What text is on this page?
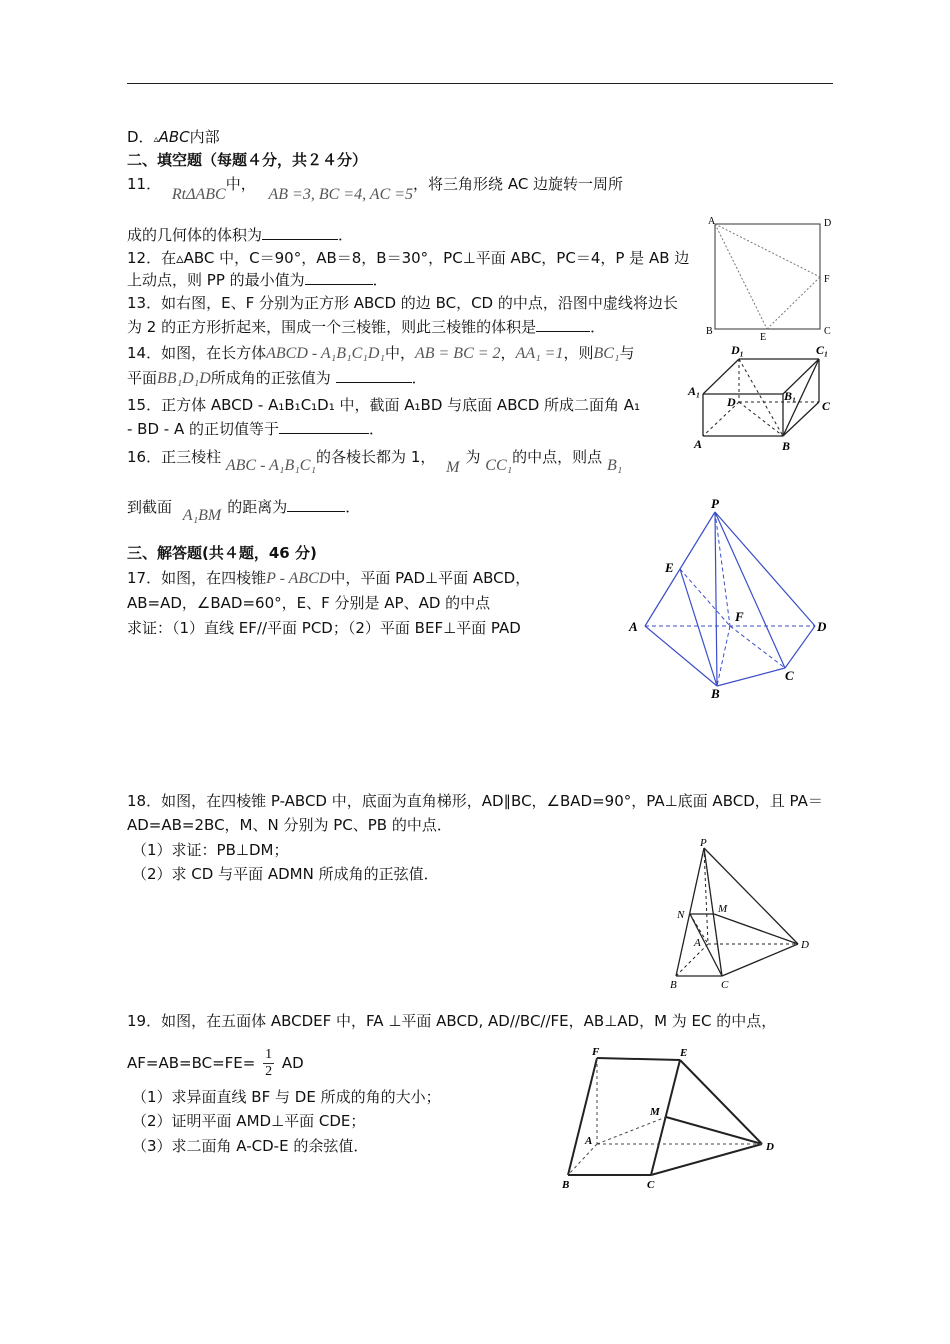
D．▵ABC内部
二、填空题（每题４分，共２４分）
11． RtΔABC中， AB =3, BC =4, AC =5，将三角形绕 AC 边旋转一周所
成的几何体的体积为	．
12．在▵ABC 中，C＝90°，AB＝8，B＝30°，PC⊥平面 ABC，PC＝4，P 是 AB 边
上动点，则 PP 的最小值为	．
13．如右图，E、F 分别为正方形 ABCD 的边 BC，CD 的中点，沿图中虚线将边长
为 2 的正方形折起来，围成一个三棱锥，则此三棱锥的体积是	．
14．如图，在长方体ABCD - A₁B₁C₁D₁中，AB = BC = 2，AA₁ =1，则BC₁与
平面BB₁D₁D所成角的正弦值为	．
15．正方体 ABCD - A₁B₁C₁D₁ 中，截面 A₁BD 与底面 ABCD 所成二面角 A₁
- BD - A 的正切值等于	．
16．正三棱柱 ABC - A₁B₁C₁的各棱长都为 1， M为 CC₁的中点，则点 B₁
到截面 A₁BM 的距离为	．
三、解答题(共４题，46 分)
17．如图，在四棱锥P - ABCD中，平面 PAD⊥平面 ABCD，
AB=AD，∠BAD=60°，E、F 分别是 AP、AD 的中点
求证：（1）直线 EF//平面 PCD；（2）平面 BEF⊥平面 PAD
18．如图，在四棱锥 P-ABCD 中，底面为直角梯形，AD∥BC，∠BAD=90°，PA⊥底面 ABCD，且 PA＝
AD=AB=2BC，M、N 分别为 PC、PB 的中点．
（1）求证：PB⊥DM；
（2）求 CD 与平面 ADMN 所成角的正弦值．
19．如图，在五面体 ABCDEF 中，FA ⊥平面 ABCD, AD//BC//FE，AB⊥AD，M 为 EC 的中点，
$AF=AB=BC=FE= \frac{1}{2}$ AD
（1）求异面直线 BF 与 DE 所成的角的大小；
（2）证明平面 AMD⊥平面 CDE；
（3）求二面角 A-CD-E 的余弦值．
A	D
F
B
E
C
D₁	C₁
A₁	B₁
D	C
A	B
P
E
F
A	D
C
B
P
N	M
A	D
B	C
F	E
M
A	D
B	C
